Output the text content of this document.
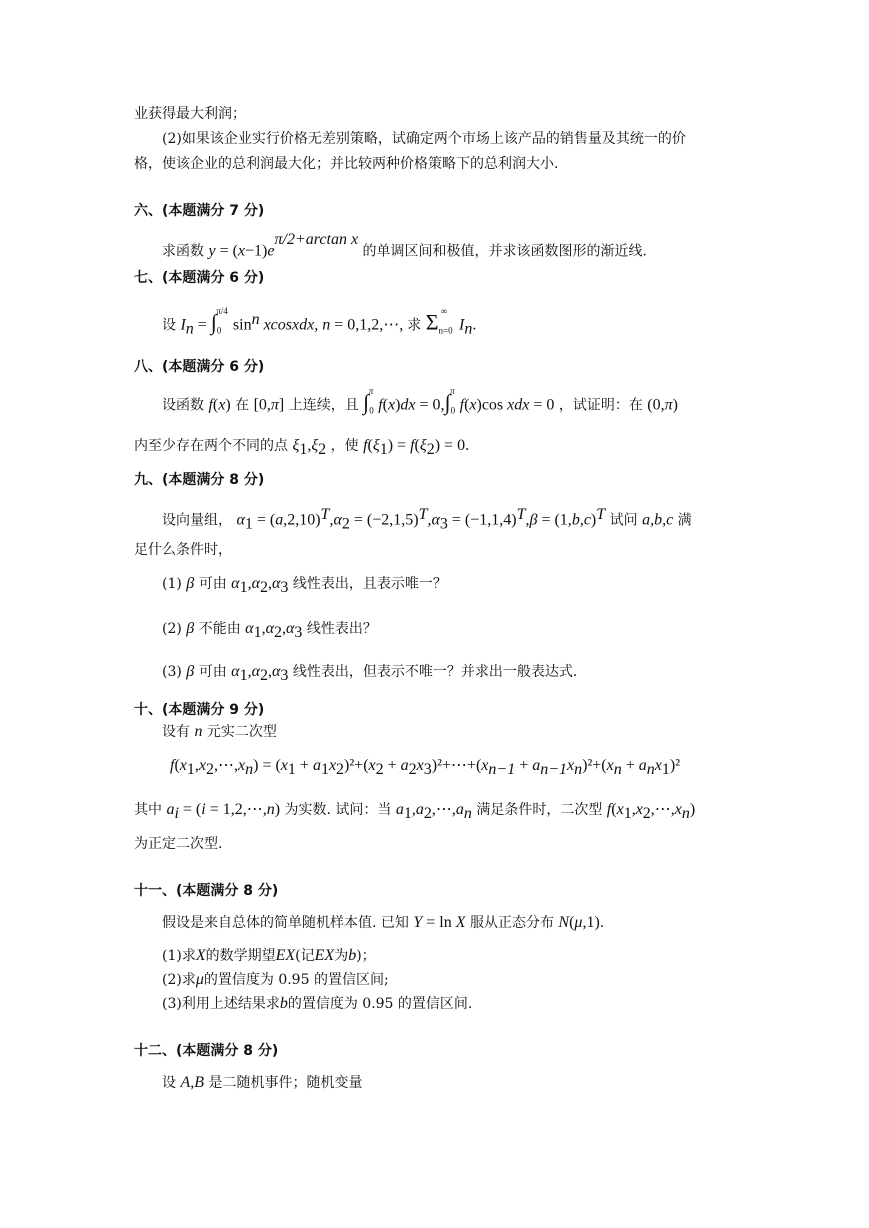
业获得最大利润；
(2)如果该企业实行价格无差别策略，试确定两个市场上该产品的销售量及其统一的价
格，使该企业的总利润最大化；并比较两种价格策略下的总利润大小.
六、(本题满分 7 分)
求函数 $y = (x-1)e^{\pi/2+arctan x}$ 的单调区间和极值，并求该函数图形的渐近线.
七、(本题满分 6 分)
设 $I_n = \int_0^{\pi/4}\sin^n$ xcosxdx, n = 0,1,2,⋯, 求 $\Sigma_{n=0}^\infty I_n$.
八、(本题满分 6 分)
设函数 f(x) 在 [0,π] 上连续，且 $\int_0^\pi f(x)dx = 0,\int_0^\pi f(x)\cos$ xdx = 0 ，试证明：在 (0,π)
内至少存在两个不同的点 $\xi_1,\xi_2$ ，使 $f(\xi_1) = f(\xi_2) = 0$.
九、(本题满分 8 分)
设向量组， $\alpha_1 = (a,2,10)^T,\alpha_2 = (-2,1,5)^T,\alpha_3 = (-1,1,4)^T,\beta = (1,b,c)^T$ 试问 a,b,c 满
足什么条件时，
(1) β 可由 $\alpha_1,\alpha_2,\alpha_3$ 线性表出，且表示唯一？
(2) β 不能由 $\alpha_1,\alpha_2,\alpha_3$ 线性表出？
(3) β 可由 $\alpha_1,\alpha_2,\alpha_3$ 线性表出，但表示不唯一？并求出一般表达式.
十、(本题满分 9 分)
设有 n 元实二次型
$f(x_1,x_2,\cdots,x_n) = (x_1 + a_1x_2)^2+(x_2$ + $a_2x_3)^2+\cdots+(x_{n-1} + a_{n-1}x_n)^2+(x_n + a_nx_1)^2$
其中 $a_i = (i$ = 1,2,⋯,n) 为实数. 试问：当 $a_1,a_2,\cdots,a_n$ 满足条件时，二次型 $f(x_1,x_2,\cdots,x_n)$
为正定二次型.
十一、(本题满分 8 分)
假设是来自总体的简单随机样本值. 已知 Y = ln X 服从正态分布 N(μ,1).
(1)求X的数学期望EX(记EX为b)；
(2)求μ的置信度为 0.95 的置信区间;
(3)利用上述结果求b的置信度为 0.95 的置信区间.
十二、(本题满分 8 分)
设 A,B 是二随机事件；随机变量
